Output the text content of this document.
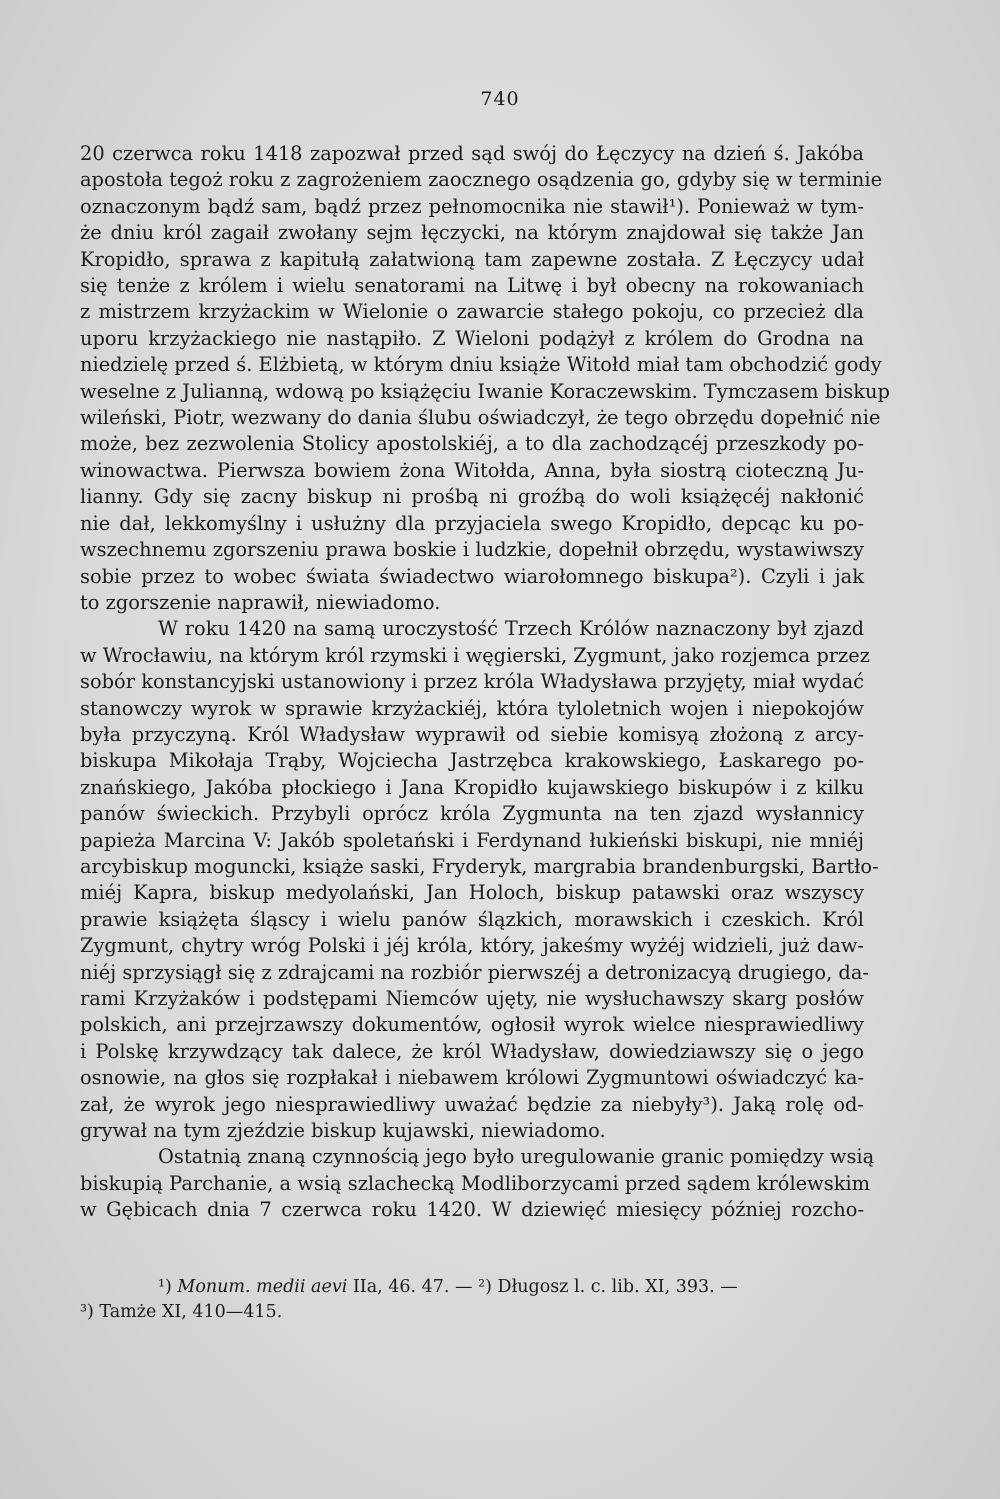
740
20 czerwca roku 1418 zapozwał przed sąd swój do Łęczycy na dzień ś. Jakóba
apostoła tegoż roku z zagrożeniem zaocznego osądzenia go, gdyby się w terminie
oznaczonym bądź sam, bądź przez pełnomocnika nie stawił¹). Ponieważ w tym-
że dniu król zagaił zwołany sejm łęczycki, na którym znajdował się także Jan
Kropidło, sprawa z kapitułą załatwioną tam zapewne została. Z Łęczycy udał
się tenże z królem i wielu senatorami na Litwę i był obecny na rokowaniach
z mistrzem krzyżackim w Wielonie o zawarcie stałego pokoju, co przecież dla
uporu krzyżackiego nie nastąpiło. Z Wieloni podążył z królem do Grodna na
niedzielę przed ś. Elżbietą, w którym dniu książe Witołd miał tam obchodzić gody
weselne z Julianną, wdową po książęciu Iwanie Koraczewskim. Tymczasem biskup
wileński, Piotr, wezwany do dania ślubu oświadczył, że tego obrzędu dopełnić nie
może, bez zezwolenia Stolicy apostolskiéj, a to dla zachodzącéj przeszkody po-
winowactwa. Pierwsza bowiem żona Witołda, Anna, była siostrą cioteczną Ju-
lianny. Gdy się zacny biskup ni prośbą ni groźbą do woli książęcéj nakłonić
nie dał, lekkomyślny i usłużny dla przyjaciela swego Kropidło, depcąc ku po-
wszechnemu zgorszeniu prawa boskie i ludzkie, dopełnił obrzędu, wystawiwszy
sobie przez to wobec świata świadectwo wiarołomnego biskupa²). Czyli i jak
to zgorszenie naprawił, niewiadomo.
W roku 1420 na samą uroczystość Trzech Królów naznaczony był zjazd
w Wrocławiu, na którym król rzymski i węgierski, Zygmunt, jako rozjemca przez
sobór konstancyjski ustanowiony i przez króla Władysława przyjęty, miał wydać
stanowczy wyrok w sprawie krzyżackiéj, która tyloletnich wojen i niepokojów
była przyczyną. Król Władysław wyprawił od siebie komisyą złożoną z arcy-
biskupa Mikołaja Trąby, Wojciecha Jastrzębca krakowskiego, Łaskarego po-
znańskiego, Jakóba płockiego i Jana Kropidło kujawskiego biskupów i z kilku
panów świeckich. Przybyli oprócz króla Zygmunta na ten zjazd wysłannicy
papieża Marcina V: Jakób spoletański i Ferdynand łukieński biskupi, nie mniéj
arcybiskup moguncki, książe saski, Fryderyk, margrabia brandenburgski, Bartło-
miéj Kapra, biskup medyolański, Jan Holoch, biskup patawski oraz wszyscy
prawie książęta śląscy i wielu panów ślązkich, morawskich i czeskich. Król
Zygmunt, chytry wróg Polski i jéj króla, który, jakeśmy wyżéj widzieli, już daw-
niéj sprzysiągł się z zdrajcami na rozbiór pierwszéj a detronizacyą drugiego, da-
rami Krzyżaków i podstępami Niemców ujęty, nie wysłuchawszy skarg posłów
polskich, ani przejrzawszy dokumentów, ogłosił wyrok wielce niesprawiedliwy
i Polskę krzywdzący tak dalece, że król Władysław, dowiedziawszy się o jego
osnowie, na głos się rozpłakał i niebawem królowi Zygmuntowi oświadczyć ka-
zał, że wyrok jego niesprawiedliwy uważać będzie za niebyły³). Jaką rolę od-
grywał na tym zjeździe biskup kujawski, niewiadomo.
Ostatnią znaną czynnością jego było uregulowanie granic pomiędzy wsią
biskupią Parchanie, a wsią szlachecką Modliborzycami przed sądem królewskim
w Gębicach dnia 7 czerwca roku 1420. W dziewięć miesięcy później rozcho-
¹) Monum. medii aevi IIa, 46. 47. — ²) Długosz l. c. lib. XI, 393. —
³) Tamże XI, 410—415.
